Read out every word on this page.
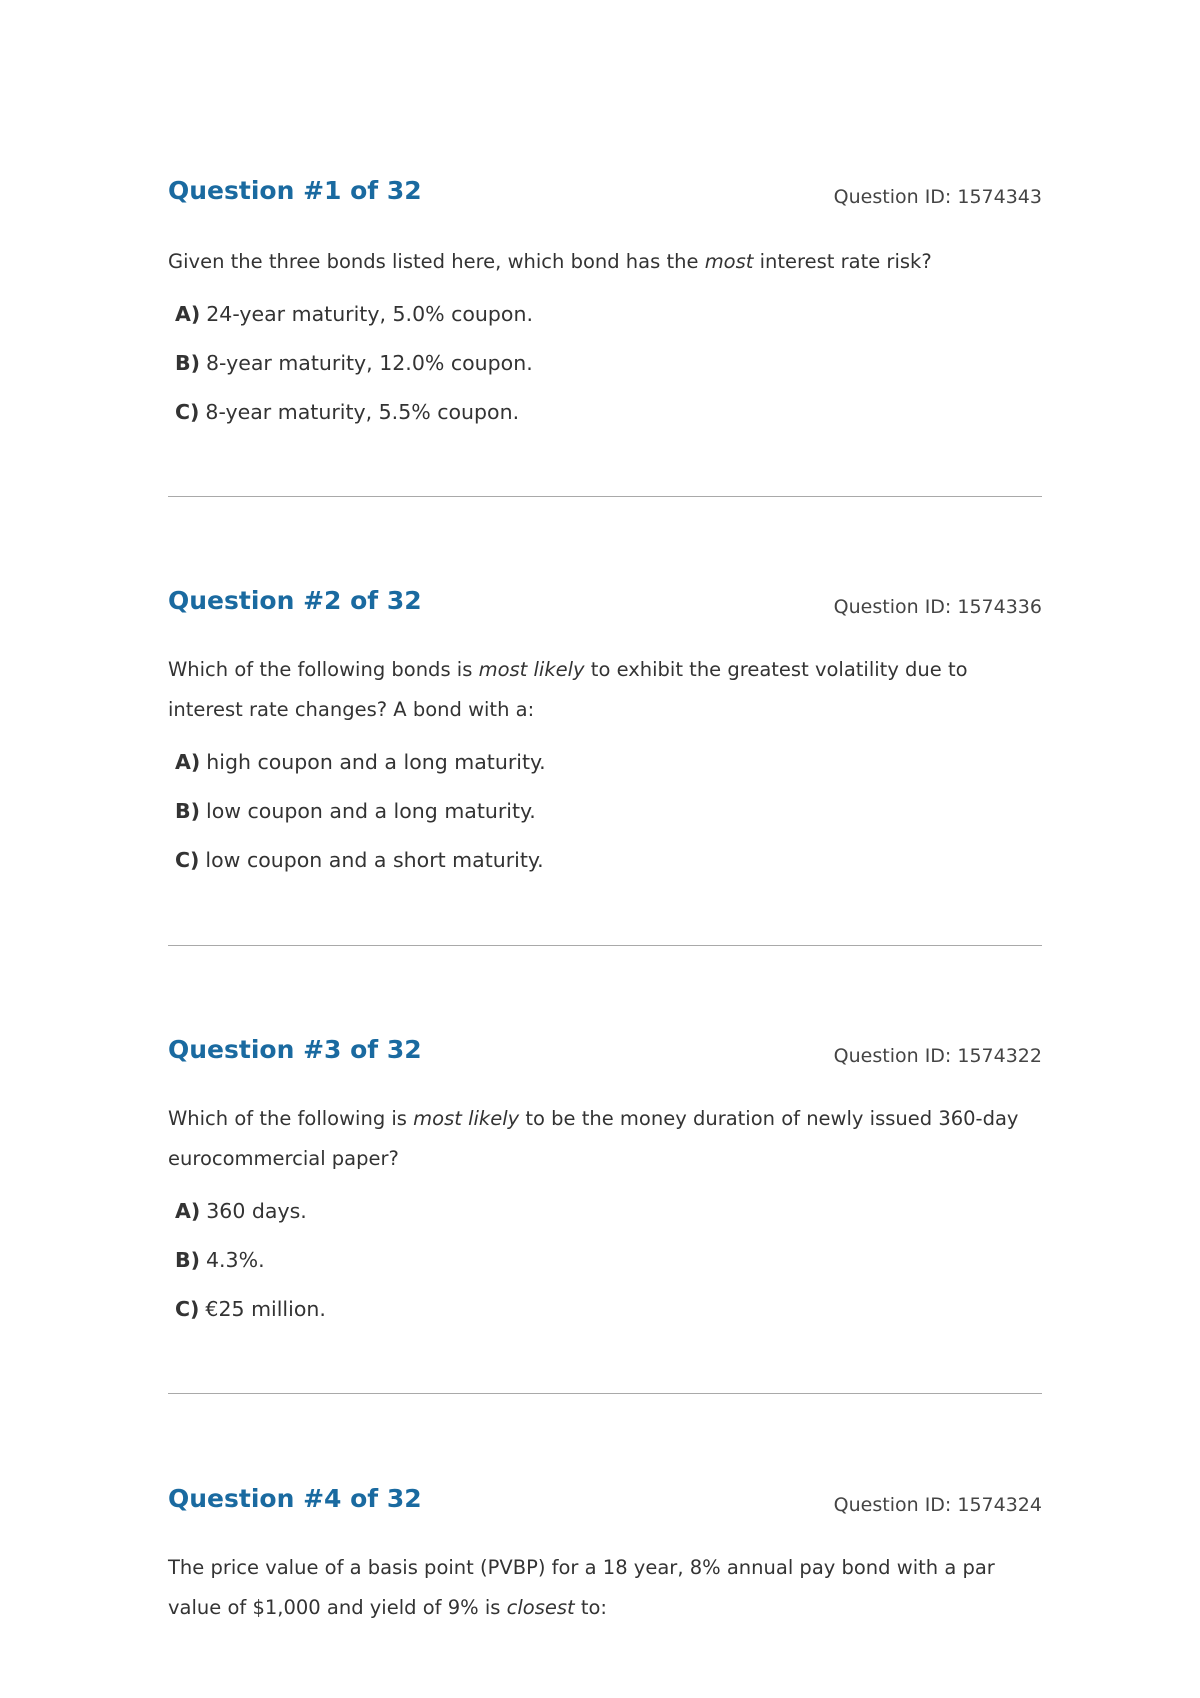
Question #1 of 32	Question ID: 1574343
Given the three bonds listed here, which bond has the most interest rate risk?
A) 24-year maturity, 5.0% coupon.
B) 8-year maturity, 12.0% coupon.
C) 8-year maturity, 5.5% coupon.
Question #2 of 32	Question ID: 1574336
Which of the following bonds is most likely to exhibit the greatest volatility due to interest rate changes? A bond with a:
A) high coupon and a long maturity.
B) low coupon and a long maturity.
C) low coupon and a short maturity.
Question #3 of 32	Question ID: 1574322
Which of the following is most likely to be the money duration of newly issued 360-day eurocommercial paper?
A) 360 days.
B) 4.3%.
C) €25 million.
Question #4 of 32	Question ID: 1574324
The price value of a basis point (PVBP) for a 18 year, 8% annual pay bond with a par value of $1,000 and yield of 9% is closest to:
